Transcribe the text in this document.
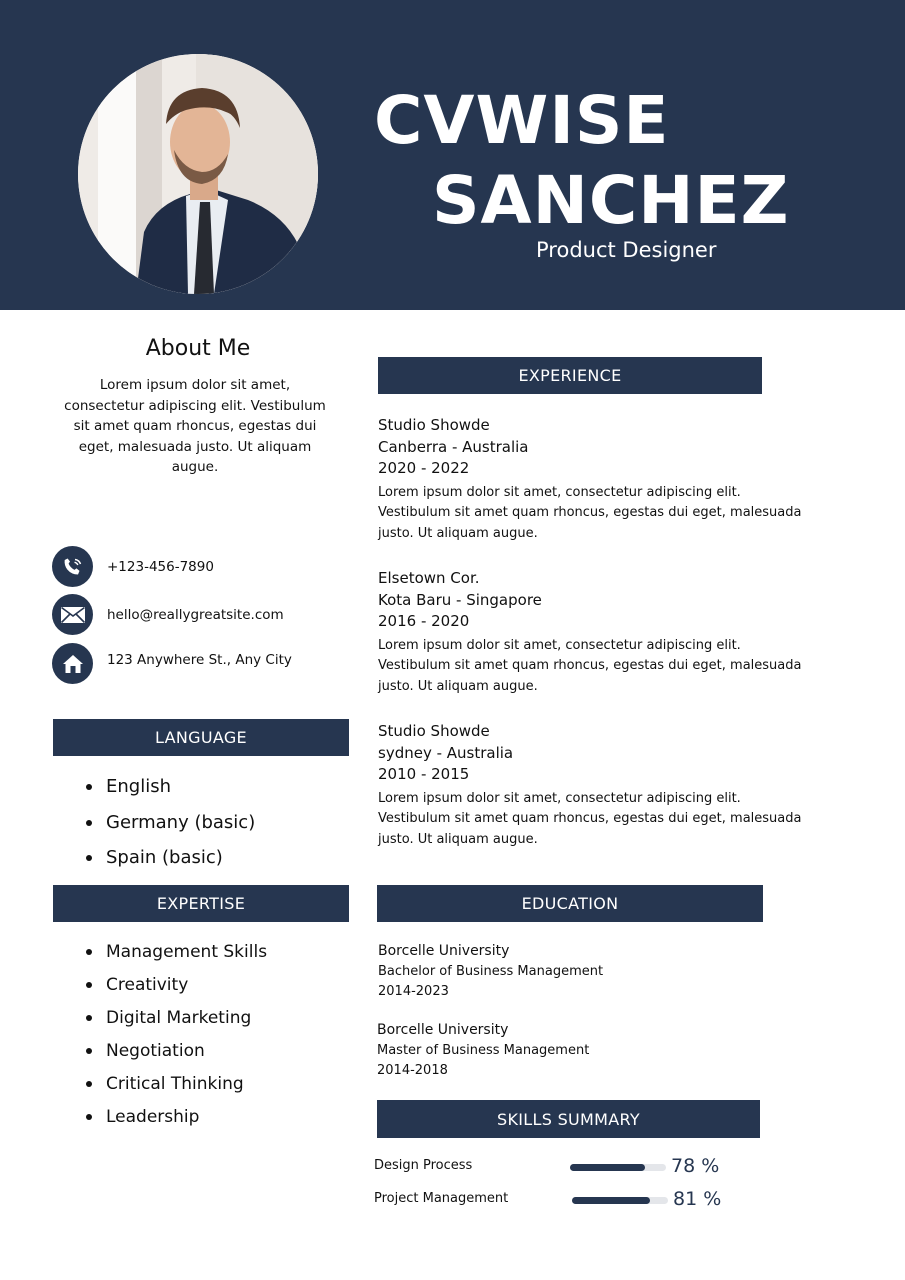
CVWISE
SANCHEZ
Product Designer
About Me
Lorem ipsum dolor sit amet, consectetur adipiscing elit. Vestibulum sit amet quam rhoncus, egestas dui eget, malesuada justo. Ut aliquam augue.
+123-456-7890
hello@reallygreatsite.com
123 Anywhere St., Any City
LANGUAGE
English
Germany (basic)
Spain (basic)
EXPERTISE
Management Skills
Creativity
Digital Marketing
Negotiation
Critical Thinking
Leadership
EXPERIENCE
Studio Showde
Canberra - Australia
2020 - 2022
Lorem ipsum dolor sit amet, consectetur adipiscing elit. Vestibulum sit amet quam rhoncus, egestas dui eget, malesuada justo. Ut aliquam augue.
Elsetown Cor.
Kota Baru - Singapore
2016 - 2020
Lorem ipsum dolor sit amet, consectetur adipiscing elit. Vestibulum sit amet quam rhoncus, egestas dui eget, malesuada justo. Ut aliquam augue.
Studio Showde
sydney - Australia
2010 - 2015
Lorem ipsum dolor sit amet, consectetur adipiscing elit. Vestibulum sit amet quam rhoncus, egestas dui eget, malesuada justo. Ut aliquam augue.
EDUCATION
Borcelle University
Bachelor of Business Management
2014-2023
Borcelle University
Master of Business Management
2014-2018
SKILLS SUMMARY
Design Process	78 %
Project Management	81 %
